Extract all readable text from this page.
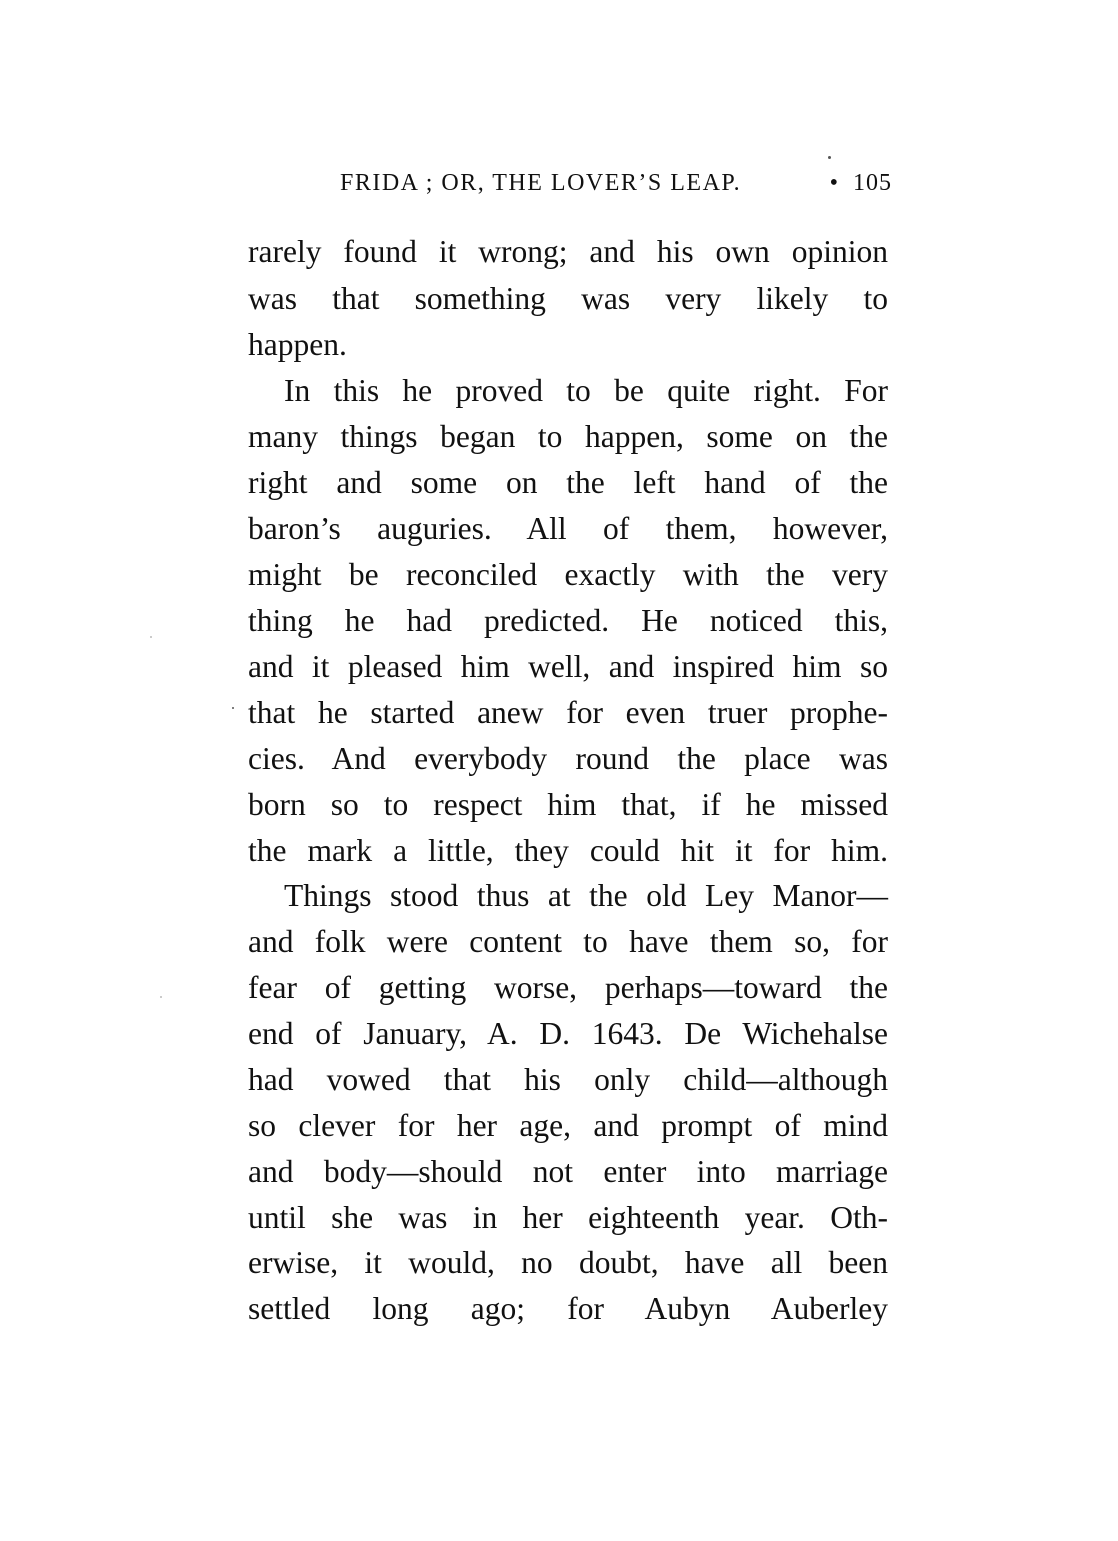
FRIDA ; OR, THE LOVER’S LEAP.	• 105
rarely found it wrong; and his own opinion
was that something was very likely to
happen.
In this he proved to be quite right. For
many things began to happen, some on the
right and some on the left hand of the
baron’s auguries. All of them, however,
might be reconciled exactly with the very
thing he had predicted. He noticed this,
and it pleased him well, and inspired him so
that he started anew for even truer prophe-
cies. And everybody round the place was
born so to respect him that, if he missed
the mark a little, they could hit it for him.
Things stood thus at the old Ley Manor—
and folk were content to have them so, for
fear of getting worse, perhaps—toward the
end of January, A. D. 1643. De Wichehalse
had vowed that his only child—although
so clever for her age, and prompt of mind
and body—should not enter into marriage
until she was in her eighteenth year. Oth-
erwise, it would, no doubt, have all been
settled long ago; for Aubyn Auberley
